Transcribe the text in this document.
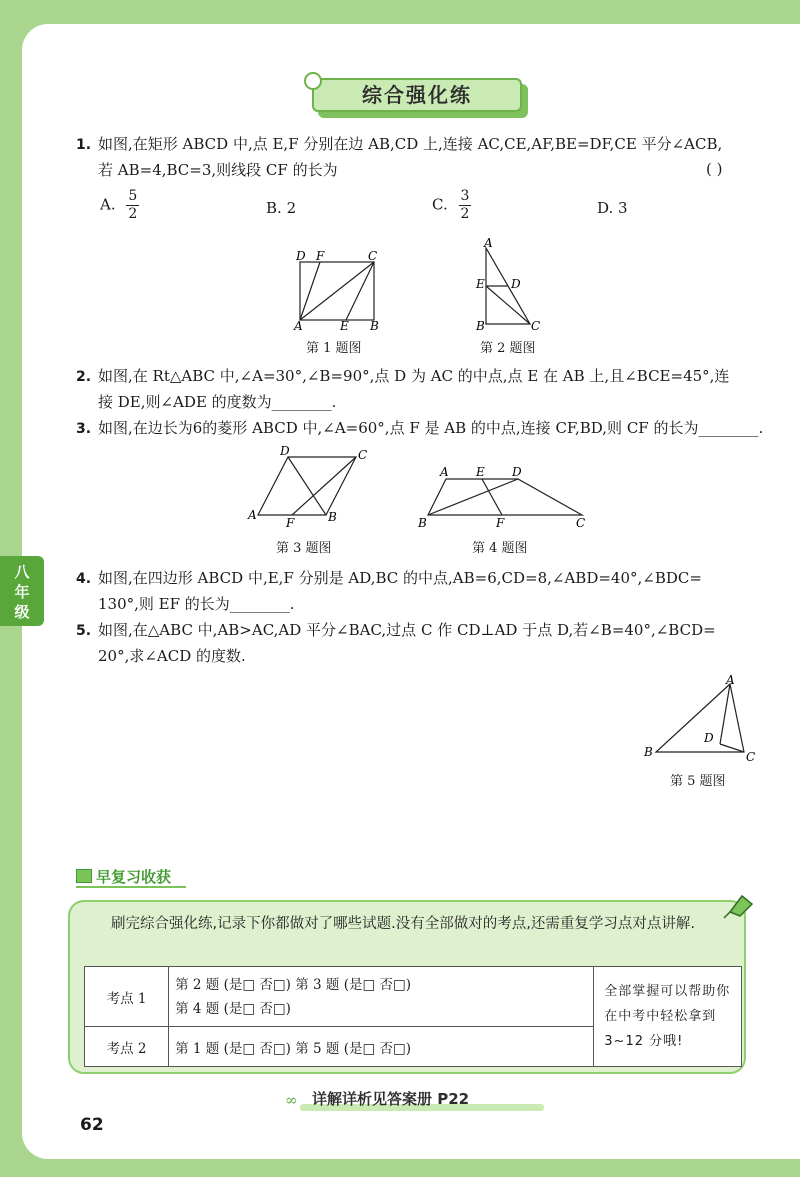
八
年
级
综合强化练
1. 如图,在矩形 ABCD 中,点 E,F 分别在边 AB,CD 上,连接 AC,CE,AF,BE=DF,CE 平分∠ACB,
若 AB=4,BC=3,则线段 CF 的长为	( )
A. $\frac{5}{2}$	B. 2	C. $\frac{3}{2}$	D. 3
D F	C
A	E B
第 1 题图
A
E D
B	C
第 2 题图
2. 如图,在 Rt△ABC 中,∠A=30°,∠B=90°,点 D 为 AC 的中点,点 E 在 AB 上,且∠BCE=45°,连
接 DE,则∠ADE 的度数为________.
3. 如图,在边长为6的菱形 ABCD 中,∠A=60°,点 F 是 AB 的中点,连接 CF,BD,则 CF 的长为________.
D	C
A
F	B
第 3 题图
A E D
B	F	C
第 4 题图
4. 如图,在四边形 ABCD 中,E,F 分别是 AD,BC 的中点,AB=6,CD=8,∠ABD=40°,∠BDC=
130°,则 EF 的长为________.
5. 如图,在△ABC 中,AB>AC,AD 平分∠BAC,过点 C 作 CD⊥AD 于点 D,若∠B=40°,∠BCD=
20°,求∠ACD 的度数.
A
D
B	C
第 5 题图
早复习收获
刷完综合强化练,记录下你都做对了哪些试题.没有全部做对的考点,还需重复学习点对点讲解.
考点 1	第 2 题 (是□ 否□) 第 3 题 (是□ 否□)
第 4 题 (是□ 否□)	全部掌握可以帮助你在中考中轻松拿到 3~12 分哦!
考点 2	第 1 题 (是□ 否□) 第 5 题 (是□ 否□)	
∞ 详解详析见答案册 P22
62
